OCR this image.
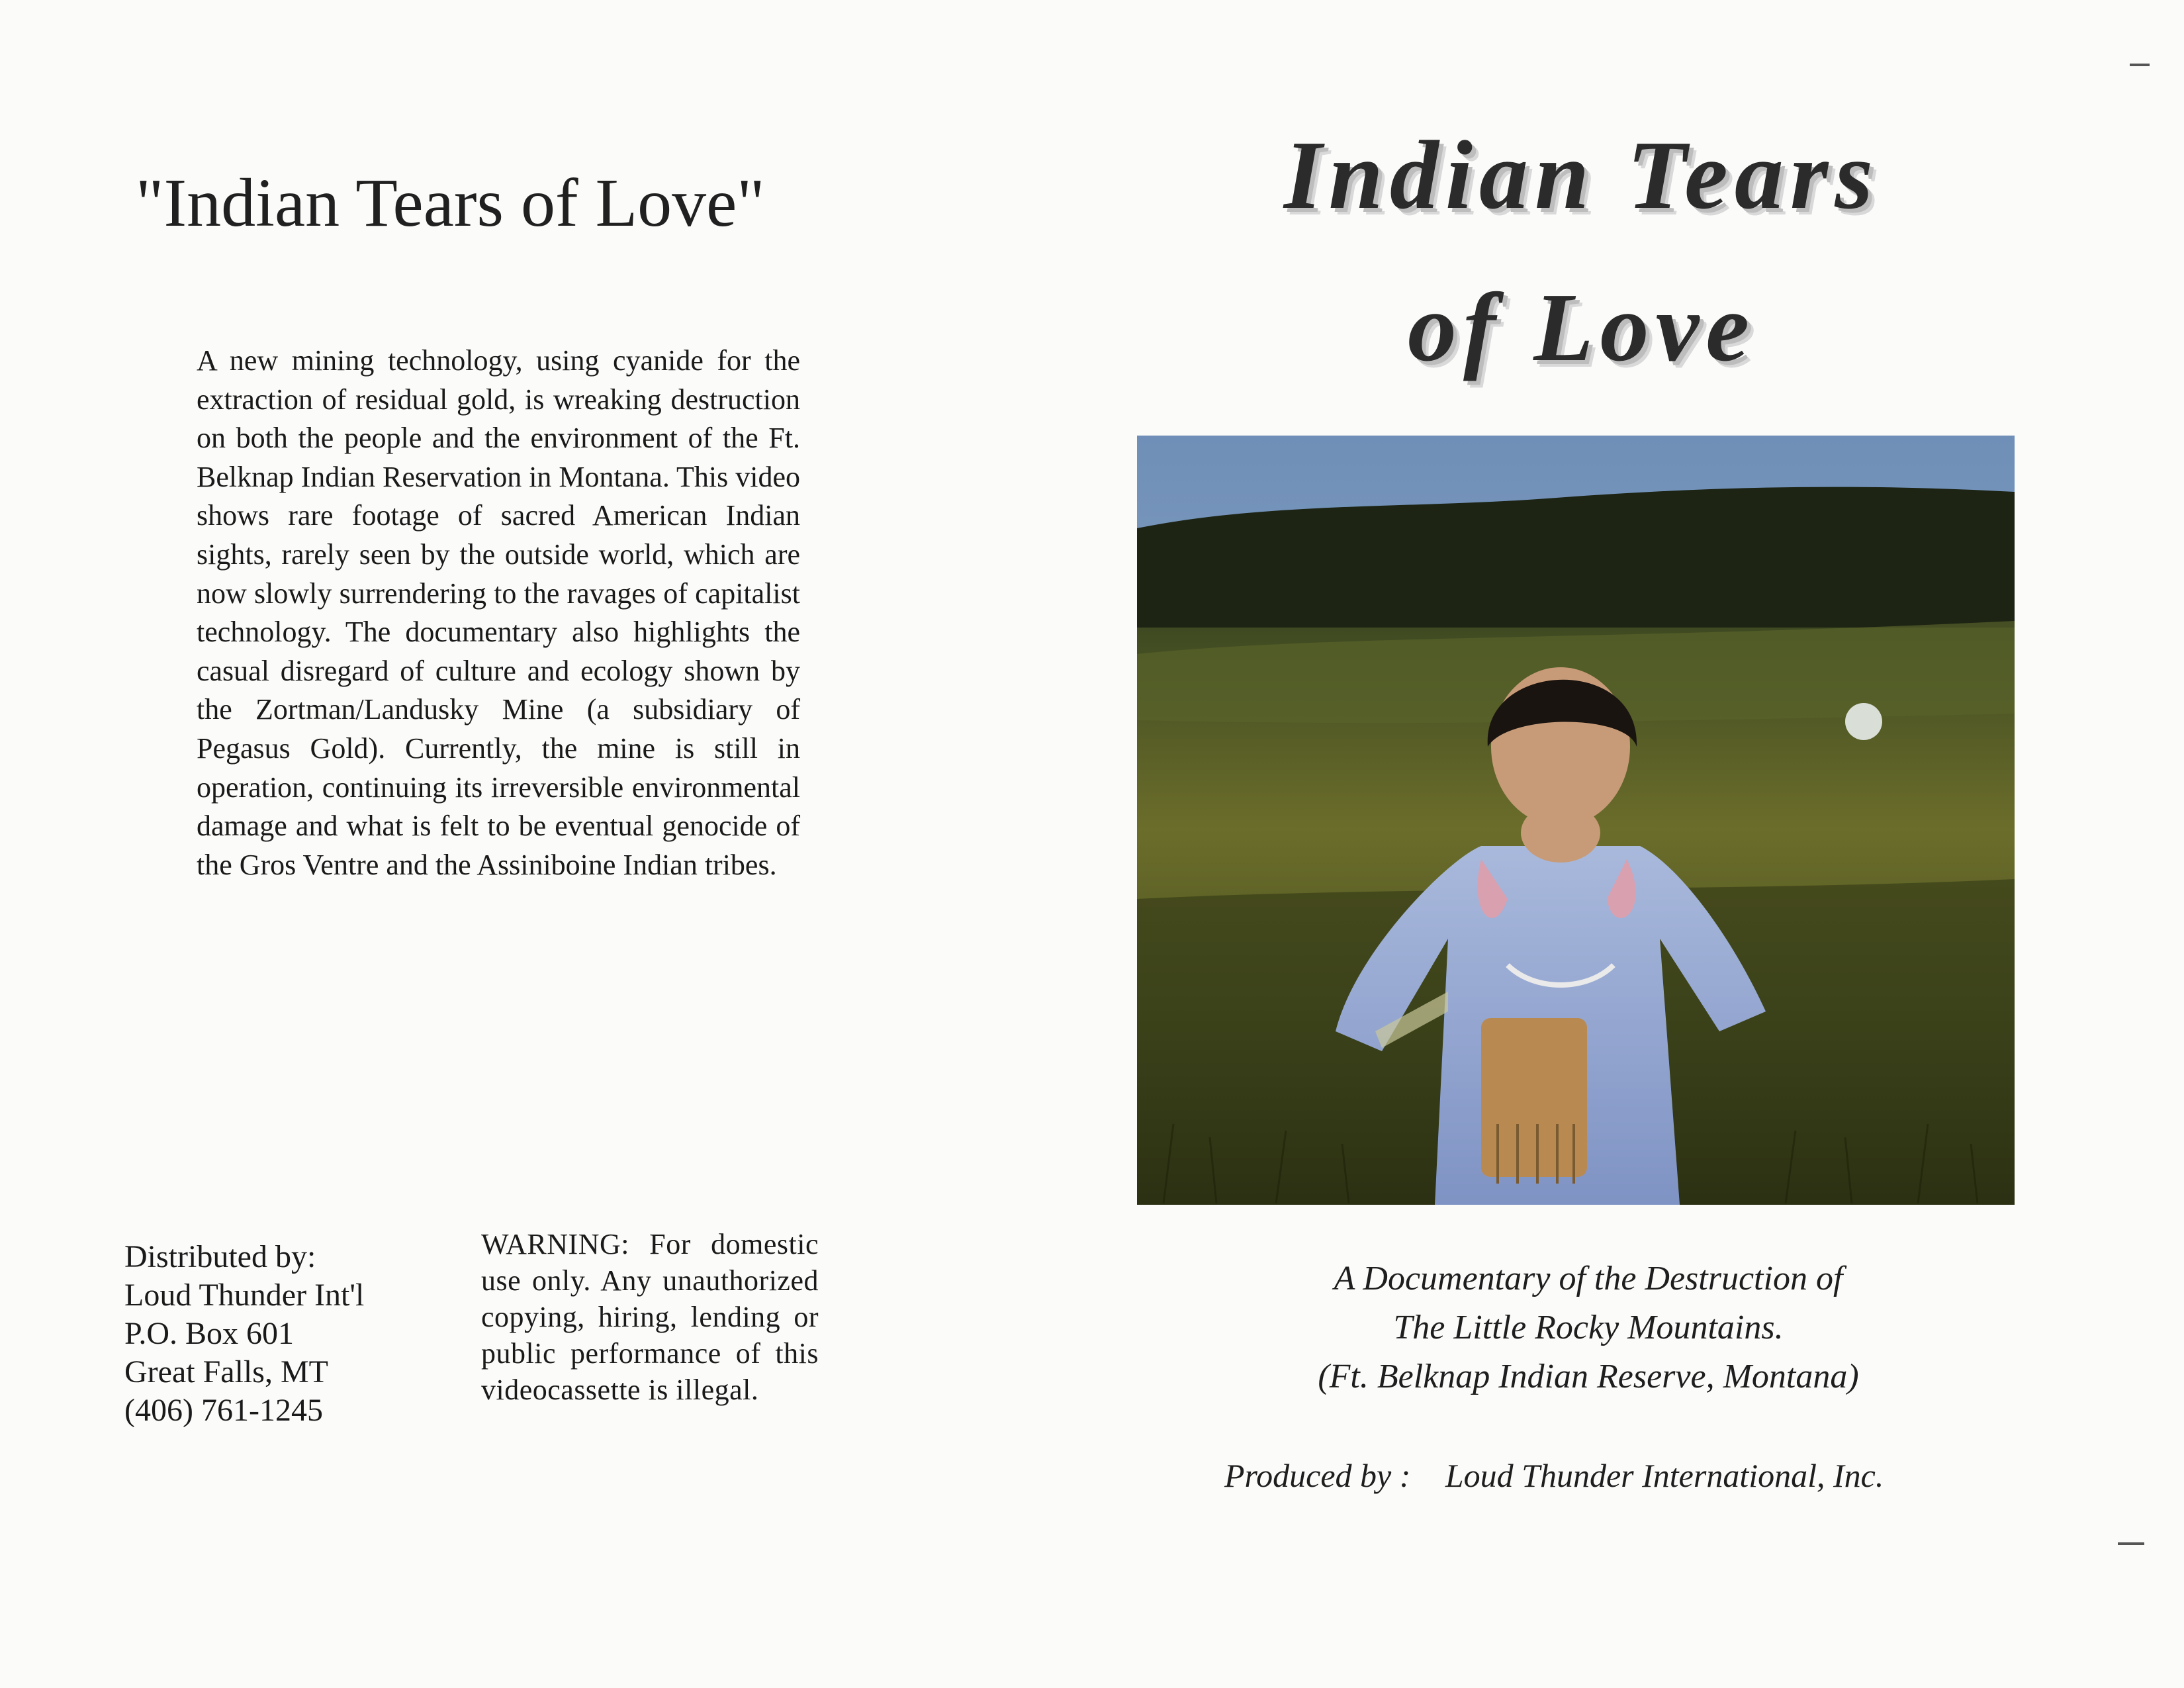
"Indian Tears of Love"

A new mining technology, using cyanide for the extraction of residual gold, is wreaking destruction on both the people and the environment of the Ft. Belknap Indian Reservation in Montana. This video shows rare footage of sacred American Indian sights, rarely seen by the outside world, which are now slowly surrendering to the ravages of capitalist technology. The documentary also highlights the casual disregard of culture and ecology shown by the Zortman/Landusky Mine (a subsidiary of Pegasus Gold). Currently, the mine is still in operation, continuing its irreversible environmental damage and what is felt to be eventual genocide of the Gros Ventre and the Assiniboine Indian tribes.

Distributed by:
Loud Thunder Int'l
P.O. Box 601
Great Falls, MT
(406) 761-1245
WARNING: For domestic use only. Any unauthorized copying, hiring, lending or public performance of this videocassette is illegal.
Indian Tears
of Love
A Documentary of the Destruction of
The Little Rocky Mountains.
(Ft. Belknap Indian Reserve, Montana)
Produced by : Loud Thunder International, Inc.
